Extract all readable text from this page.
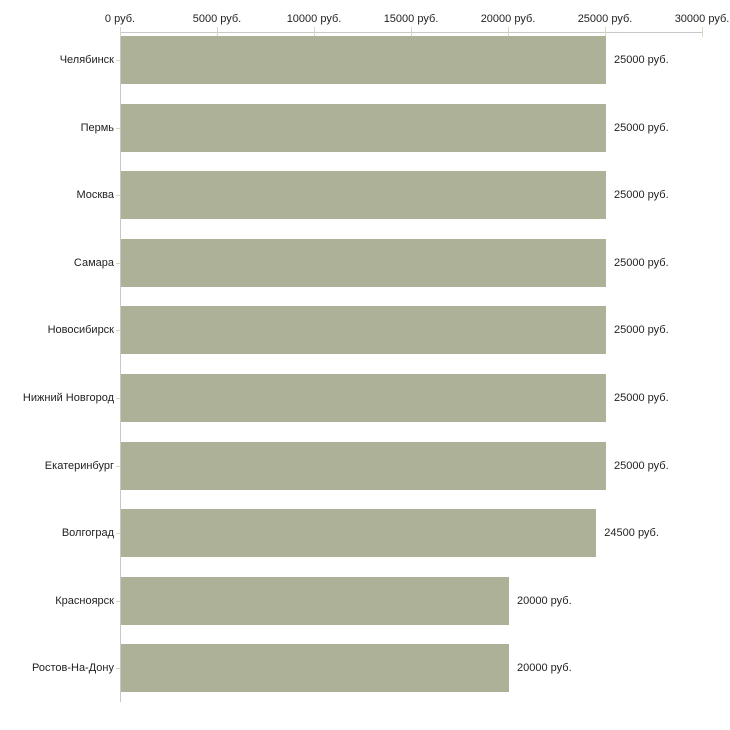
0 руб.	5000 руб.	10000 руб.	15000 руб.	20000 руб.	25000 руб.	30000 руб.
Челябинск	25000 руб.
Пермь	25000 руб.
Москва	25000 руб.
Самара	25000 руб.
Новосибирск	25000 руб.
Нижний Новгород	25000 руб.
Екатеринбург	25000 руб.
Волгоград	24500 руб.
Красноярск	20000 руб.
Ростов-На-Дону	20000 руб.
